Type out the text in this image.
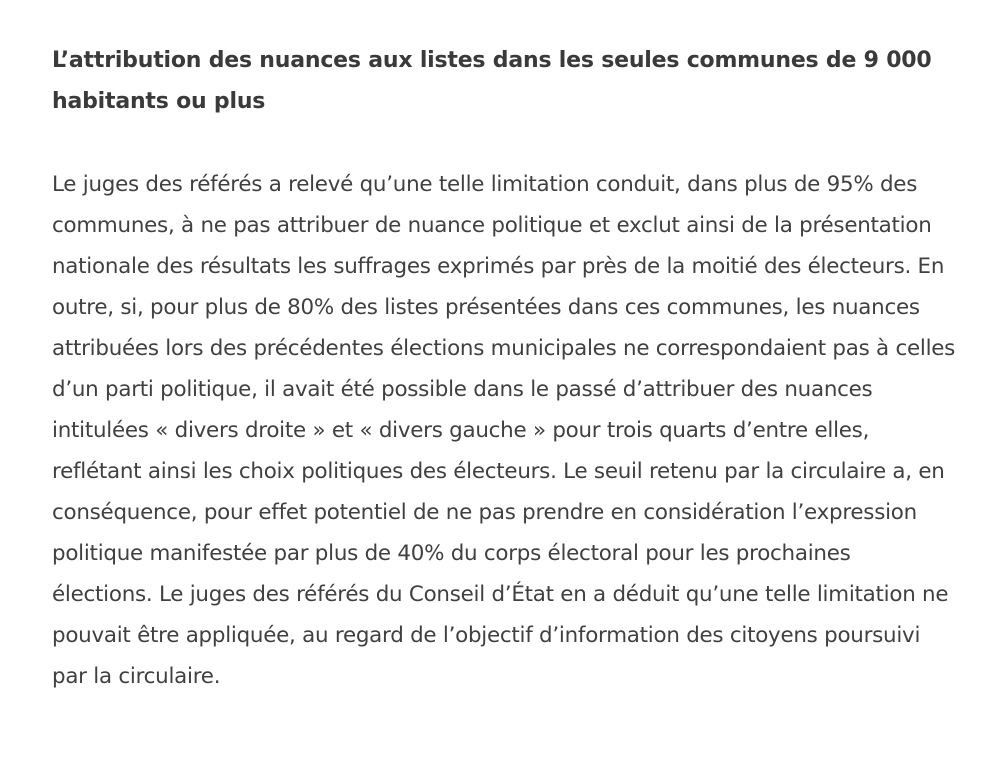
L’attribution des nuances aux listes dans les seules communes de 9 000 habitants ou plus

Le juges des référés a relevé qu’une telle limitation conduit, dans plus de 95% des communes, à ne pas attribuer de nuance politique et exclut ainsi de la présentation nationale des résultats les suffrages exprimés par près de la moitié des électeurs. En outre, si, pour plus de 80% des listes présentées dans ces communes, les nuances attribuées lors des précédentes élections municipales ne correspondaient pas à celles d’un parti politique, il avait été possible dans le passé d’attribuer des nuances intitulées « divers droite » et « divers gauche » pour trois quarts d’entre elles, reflétant ainsi les choix politiques des électeurs. Le seuil retenu par la circulaire a, en conséquence, pour effet potentiel de ne pas prendre en considération l’expression politique manifestée par plus de 40% du corps électoral pour les prochaines élections. Le juges des référés du Conseil d’État en a déduit qu’une telle limitation ne pouvait être appliquée, au regard de l’objectif d’information des citoyens poursuivi par la circulaire.
